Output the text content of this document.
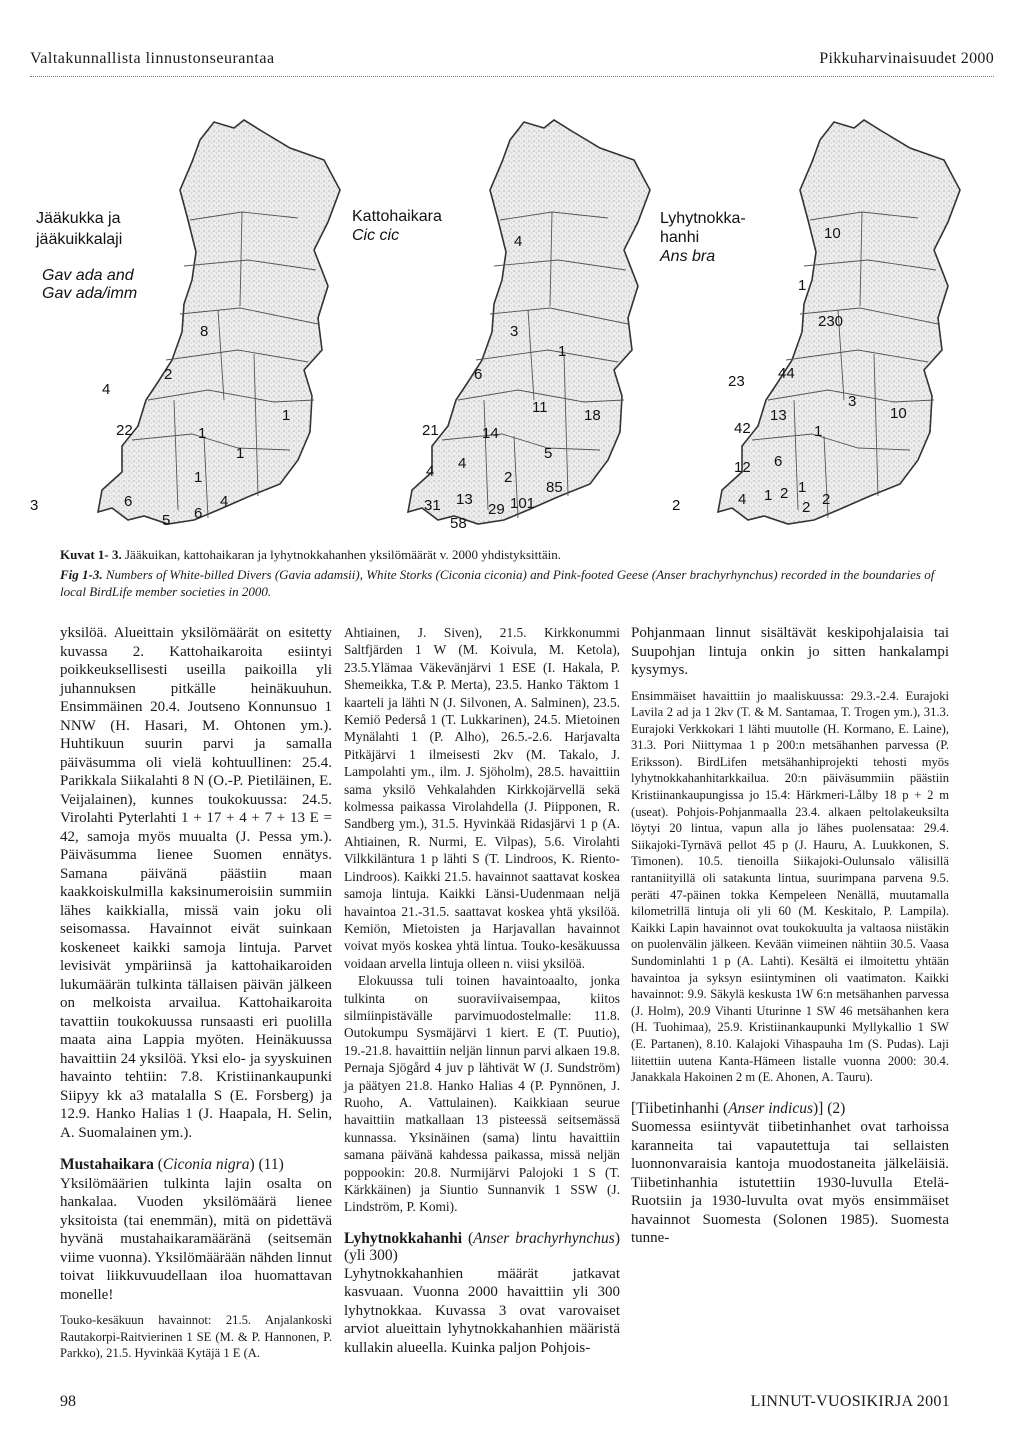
Valtakunnallista linnustonseurantaa	Pikkuharvinaisuudet 2000
Jääkukka ja
jääkuikkalaji
Gav ada and
Gav ada/imm
8
2
4
1
22	1
1
1
3	6	4
5 6
Kattohaikara
Cic cic	4
3
1
6
11 18
21	14
5
4 4
2
85
31 13
29 101
58
Lyhytnokka-
hanhi
Ans bra
10
1
230
23 44
3
13	10
42	1
12 6
2	4 1 2 1
2
2

Kuvat 1- 3. Jääkuikan, kattohaikaran ja lyhytnokkahanhen yksilömäärät v. 2000 yhdistyksittäin.

Fig 1-3. Numbers of White-billed Divers (Gavia adamsii), White Storks (Ciconia ciconia) and Pink-footed Geese (Anser brachyrhynchus) recorded in the boundaries of local BirdLife member societies in 2000.

yksilöä. Alueittain yksilömäärät on esitetty kuvassa 2. Kattohaikaroita esiintyi poikkeuksellisesti useilla paikoilla yli juhannuksen pitkälle heinäkuuhun. Ensimmäinen 20.4. Joutseno Konnunsuo 1 NNW (H. Hasari, M. Ohtonen ym.). Huhtikuun suurin parvi ja samalla päiväsumma oli vielä kohtuullinen: 25.4. Parikkala Siikalahti 8 N (O.-P. Pietiläinen, E. Veijalainen), kunnes toukokuussa: 24.5. Virolahti Pyterlahti 1 + 17 + 4 + 7 + 13 E = 42, samoja myös muualta (J. Pessa ym.). Päiväsumma lienee Suomen ennätys. Samana päivänä päästiin maan kaakkoiskulmilla kaksinumeroisiin summiin lähes kaikkialla, missä vain joku oli seisomassa. Havainnot eivät suinkaan koskeneet kaikki samoja lintuja. Parvet levisivät ympäriinsä ja kattohaikaroiden lukumäärän tulkinta tällaisen päivän jälkeen on melkoista arvailua. Kattohaikaroita tavattiin toukokuussa runsaasti eri puolilla maata aina Lappia myöten. Heinäkuussa havaittiin 24 yksilöä. Yksi elo- ja syyskuinen havainto tehtiin: 7.8. Kristiinankaupunki Siipyy kk a3 matalalla S (E. Forsberg) ja 12.9. Hanko Halias 1 (J. Haapala, H. Selin, A. Suomalainen ym.).

Mustahaikara (Ciconia nigra) (11)

Yksilömäärien tulkinta lajin osalta on hankalaa. Vuoden yksilömäärä lienee yksitoista (tai enemmän), mitä on pidettävä hyvänä mustahaikaramääränä (seitsemän viime vuonna). Yksilömäärään nähden linnut toivat liikkuvuudellaan iloa huomattavan monelle!

Touko-kesäkuun havainnot: 21.5. Anjalankoski Rautakorpi-Raitvierinen 1 SE (M. & P. Hannonen, P. Parkko), 21.5. Hyvinkää Kytäjä 1 E (A.

Ahtiainen, J. Siven), 21.5. Kirkkonummi Saltfjärden 1 W (M. Koivula, M. Ketola), 23.5.Ylämaa Väkevänjärvi 1 ESE (I. Hakala, P. Shemeikka, T.& P. Merta), 23.5. Hanko Täktom 1 kaarteli ja lähti N (J. Silvonen, A. Salminen), 23.5. Kemiö Pederså 1 (T. Lukkarinen), 24.5. Mietoinen Mynälahti 1 (P. Alho), 26.5.-2.6. Harjavalta Pitkäjärvi 1 ilmeisesti 2kv (M. Takalo, J. Lampolahti ym., ilm. J. Sjöholm), 28.5. havaittiin sama yksilö Vehkalahden Kirkkojärvellä sekä kolmessa paikassa Virolahdella (J. Piipponen, R. Sandberg ym.), 31.5. Hyvinkää Ridasjärvi 1 p (A. Ahtiainen, R. Nurmi, E. Vilpas), 5.6. Virolahti Vilkkiläntura 1 p lähti S (T. Lindroos, K. Riento-Lindroos). Kaikki 21.5. havainnot saattavat koskea samoja lintuja. Kaikki Länsi-Uudenmaan neljä havaintoa 21.-31.5. saattavat koskea yhtä yksilöä. Kemiön, Mietoisten ja Harjavallan havainnot voivat myös koskea yhtä lintua. Touko-kesäkuussa voidaan arvella lintuja olleen n. viisi yksilöä.

Elokuussa tuli toinen havaintoaalto, jonka tulkinta on suoraviivaisempaa, kiitos silmiinpistävälle parvimuodostelmalle: 11.8. Outokumpu Sysmäjärvi 1 kiert. E (T. Puutio), 19.-21.8. havaittiin neljän linnun parvi alkaen 19.8. Pernaja Sjögård 4 juv p lähtivät W (J. Sundström) ja päätyen 21.8. Hanko Halias 4 (P. Pynnönen, J. Ruoho, A. Vattulainen). Kaikkiaan seurue havaittiin matkallaan 13 pisteessä seitsemässä kunnassa. Yksinäinen (sama) lintu havaittiin samana päivänä kahdessa paikassa, missä neljän poppookin: 20.8. Nurmijärvi Palojoki 1 S (T. Kärkkäinen) ja Siuntio Sunnanvik 1 SSW (J. Lindström, P. Komi).

Lyhytnokkahanhi (Anser brachyrhynchus) (yli 300)

Lyhytnokkahanhien määrät jatkavat kasvuaan. Vuonna 2000 havaittiin yli 300 lyhytnokkaa. Kuvassa 3 ovat varovaiset arviot alueittain lyhytnokkahanhien määristä kullakin alueella. Kuinka paljon Pohjois-

Pohjanmaan linnut sisältävät keskipohjalaisia tai Suupohjan lintuja onkin jo sitten hankalampi kysymys.

Ensimmäiset havaittiin jo maaliskuussa: 29.3.-2.4. Eurajoki Lavila 2 ad ja 1 2kv (T. & M. Santamaa, T. Trogen ym.), 31.3. Eurajoki Verkkokari 1 lähti muutolle (H. Kormano, E. Laine), 31.3. Pori Niittymaa 1 p 200:n metsähanhen parvessa (P. Eriksson). BirdLifen metsähanhiprojekti tehosti myös lyhytnokkahanhitarkkailua. 20:n päiväsummiin päästiin Kristiinankaupungissa jo 15.4: Härkmeri-Lålby 18 p + 2 m (useat). Pohjois-Pohjanmaalla 23.4. alkaen peltolakeuksilta löytyi 20 lintua, vapun alla jo lähes puolensataa: 29.4. Siikajoki-Tyrnävä pellot 45 p (J. Hauru, A. Luukkonen, S. Timonen). 10.5. tienoilla Siikajoki-Oulunsalo välisillä rantaniityillä oli satakunta lintua, suurimpana parvena 9.5. peräti 47-päinen tokka Kempeleen Nenällä, muutamalla kilometrillä lintuja oli yli 60 (M. Keskitalo, P. Lampila). Kaikki Lapin havainnot ovat toukokuulta ja valtaosa niistäkin on puolenvälin jälkeen. Kevään viimeinen nähtiin 30.5. Vaasa Sundominlahti 1 p (A. Lahti). Kesältä ei ilmoitettu yhtään havaintoa ja syksyn esiintyminen oli vaatimaton. Kaikki havainnot: 9.9. Säkylä keskusta 1W 6:n metsähanhen parvessa (J. Holm), 20.9 Vihanti Uturinne 1 SW 46 metsähanhen kera (H. Tuohimaa), 25.9. Kristiinankaupunki Myllykallio 1 SW (E. Partanen), 8.10. Kalajoki Vihaspauha 1m (S. Pudas). Laji liitettiin uutena Kanta-Hämeen listalle vuonna 2000: 30.4. Janakkala Hakoinen 2 m (E. Ahonen, A. Tauru).

[Tiibetinhanhi (Anser indicus)] (2)

Suomessa esiintyvät tiibetinhanhet ovat tarhoissa karanneita tai vapautettuja tai sellaisten luonnonvaraisia kantoja muodostaneita jälkeläisiä. Tiibetinhanhia istutettiin 1930-luvulla Etelä-Ruotsiin ja 1930-luvulta ovat myös ensimmäiset havainnot Suomesta (Solonen 1985). Suomesta tunne-

98	LINNUT-VUOSIKIRJA 2001
